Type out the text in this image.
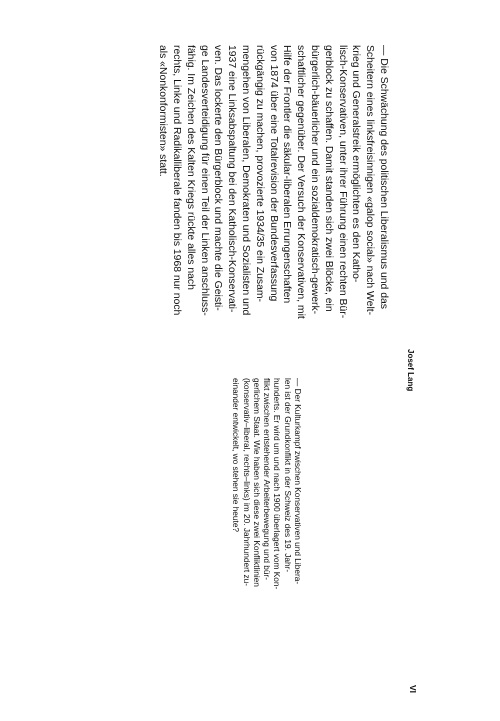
Josef Lang

— Der Kulturkampf zwischen Konservativen und Libera-
len ist der Grundkonflikt in der Schweiz des 19. Jahr-
hunderts. Er wird um und nach 1900 überlagert vom Kon-
flikt zwischen entstehender Arbeiterbewegung und bür-
gerlichem Staat. Wie haben sich diese zwei Konfliktlinien
(konservativ–liberal, rechts–links) im 20. Jahrhundert zu-
einander entwickelt, wo stehen sie heute?

— Die Schwächung des politischen Liberalismus und das
Scheitern eines linksfreisinnigen «galop social» nach Welt-
krieg und Generalstreik ermöglichten es den Katho-
lisch-Konservativen, unter ihrer Führung einen rechten Bür-
gerblock zu schaffen. Damit standen sich zwei Blöcke, ein
bürgerlich-bäuerlicher und ein sozialdemokratisch-gewerk-
schaftlicher gegenüber. Der Versuch der Konservativen, mit
Hilfe der Frontler die säkular-liberalen Errungenschaften
von 1874 über eine Totalrevision der Bundesverfassung
rückgängig zu machen, provozierte 1934/35 ein Zusam-
mengehen von Liberalen, Demokraten und Sozialisten und
1937 eine Linksabspaltung bei den Katholisch-Konservati-
ven. Das lockerte den Bürgerblock und machte die Geisti-
ge Landesverteidigung für einen Teil der Linken anschluss-
fähig. Im Zeichen des Kalten Kriegs rückte alles nach
rechts, Linke und Radikalliberale fanden bis 1968 nur noch
als «Nonkonformisten» statt.

VI
